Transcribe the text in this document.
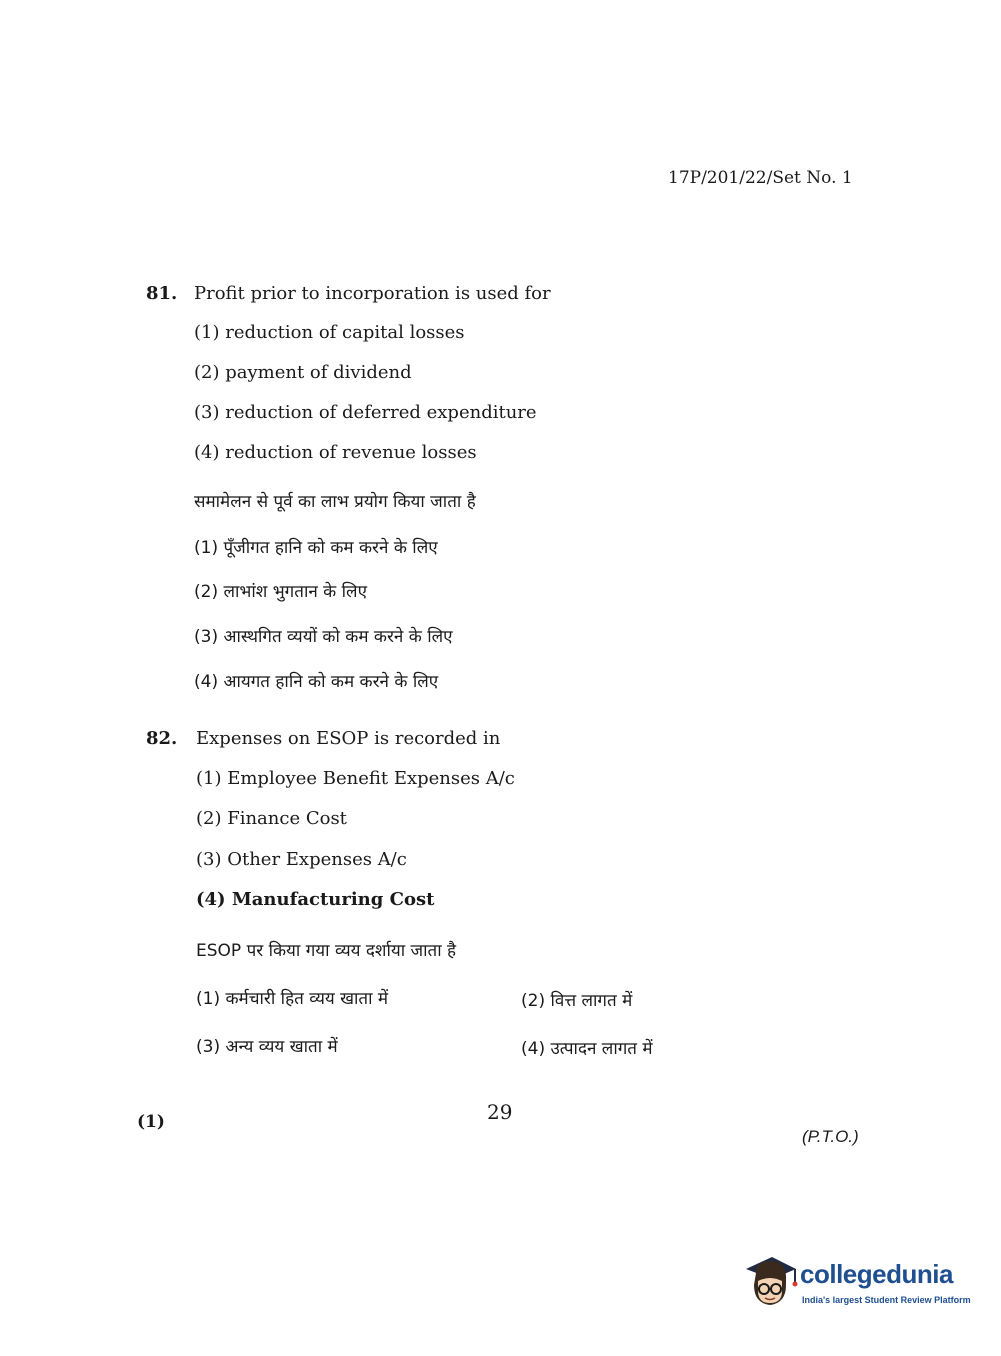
17P/201/22/Set No. 1
81. Profit prior to incorporation is used for
(1) reduction of capital losses
(2) payment of dividend
(3) reduction of deferred expenditure
(4) reduction of revenue losses
समामेलन से पूर्व का लाभ प्रयोग किया जाता है
(1) पूँजीगत हानि को कम करने के लिए
(2) लाभांश भुगतान के लिए
(3) आस्थगित व्ययों को कम करने के लिए
(4) आयगत हानि को कम करने के लिए
82. Expenses on ESOP is recorded in
(1) Employee Benefit Expenses A/c
(2) Finance Cost
(3) Other Expenses A/c
(4) Manufacturing Cost
ESOP पर किया गया व्यय दर्शाया जाता है
(1) कर्मचारी हित व्यय खाता में	(2) वित्त लागत में
(3) अन्य व्यय खाता में	(4) उत्पादन लागत में
(1)	29
(P.T.O.)
collegedunia
India's largest Student Review Platform
